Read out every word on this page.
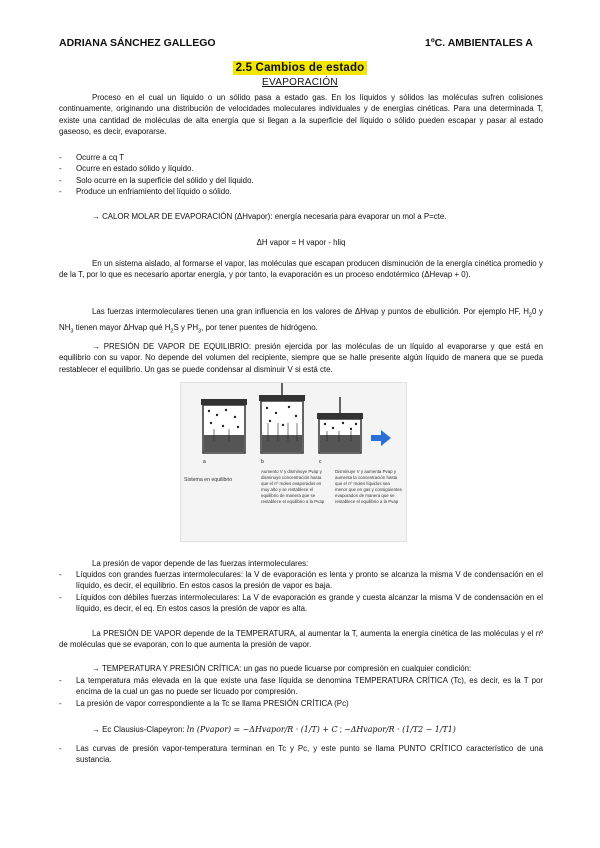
ADRIANA SÁNCHEZ GALLEGO	1ºC. AMBIENTALES A
2.5 Cambios de estado
EVAPORACIÓN
Proceso en el cual un líquido o un sólido pasa a estado gas. En los líquidos y sólidos las moléculas sufren colisiones continuamente, originando una distribución de velocidades moleculares individuales y de energías cinéticas. Para una determinada T, existe una cantidad de moléculas de alta energía que si llegan a la superficie del líquido o sólido pueden escapar y pasar al estado gaseoso, es decir, evaporarse.
- Ocurre a cq T
- Ocurre en estado sólido y líquido.
- Solo ocurre en la superficie del sólido y del líquido.
- Produce un enfriamiento del líquido o sólido.
→ CALOR MOLAR DE EVAPORACIÓN (ΔHvapor): energía necesaria para evaporar un mol a P=cte.
ΔH vapor = H vapor - hliq
En un sistema aislado, al formarse el vapor, las moléculas que escapan producen disminución de la energía cinética promedio y de la T, por lo que es necesario aportar energía, y por tanto, la evaporación es un proceso endotérmico (ΔHevap + 0).
Las fuerzas intermoleculares tienen una gran influencia en los valores de ΔHvap y puntos de ebullición. Por ejemplo HF, $H_20$ y $NH_3$ tienen mayor ΔHvap qué $H_2S$ y $PH_3$, por tener puentes de hidrógeno.
→ PRESIÓN DE VAPOR DE EQUILIBRIO: presión ejercida por las moléculas de un líquido al evaporarse y que está en equilibrio con su vapor. No depende del volumen del recipiente, siempre que se halle presente algún líquido de manera que se pueda restablecer el equilibrio. Un gas se puede condensar al disminuir V si está cte.
a	b	c
Sistema en equilibrio
Aumento V y disminuye Pvap y disminuye concentración hasta que el nº moles evaporados es muy alto y se restablece el equilibrio de manera que se restablece el equilibrio a la Pvap
Disminuye V y aumenta Pvap y aumenta la concentración hasta que el nº moles líquidos sea menor que en gas y consiguientes evaporados de manera que se restablece el equilibrio a la Pvap
La presión de vapor depende de las fuerzas intermoleculares:
- Líquidos con grandes fuerzas intermoleculares: la V de evaporación es lenta y pronto se alcanza la misma V de condensación en el líquido, es decir, el equilibrio. En estos casos la presión de vapor es baja.
- Líquidos con débiles fuerzas intermoleculares: La V de evaporación es grande y cuesta alcanzar la misma V de condensación en el líquido, es decir, el eq. En estos casos la presión de vapor es alta.
La PRESIÓN DE VAPOR depende de la TEMPERATURA, al aumentar la T, aumenta la energía cinética de las moléculas y el nº de moléculas que se evaporan, con lo que aumenta la presión de vapor.
→ TEMPERATURA Y PRESIÓN CRÍTICA: un gas no puede licuarse por compresión en cualquier condición:
- La temperatura más elevada en la que existe una fase líquida se denomina TEMPERATURA CRÍTICA (Tc), es decir, es la T por encima de la cual un gas no puede ser licuado por compresión.
- La presión de vapor correspondiente a la Tc se llama PRESIÓN CRÍTICA (Pc)
→ Ec Clausius-Clapeyron: ln (Pvapor) = −ΔHvapor/R · (1/T) + C ; −ΔHvapor/R · (1/T2 − 1/T1)
- Las curvas de presión vapor-temperatura terminan en Tc y Pc, y este punto se llama PUNTO CRÍTICO característico de una sustancia.
